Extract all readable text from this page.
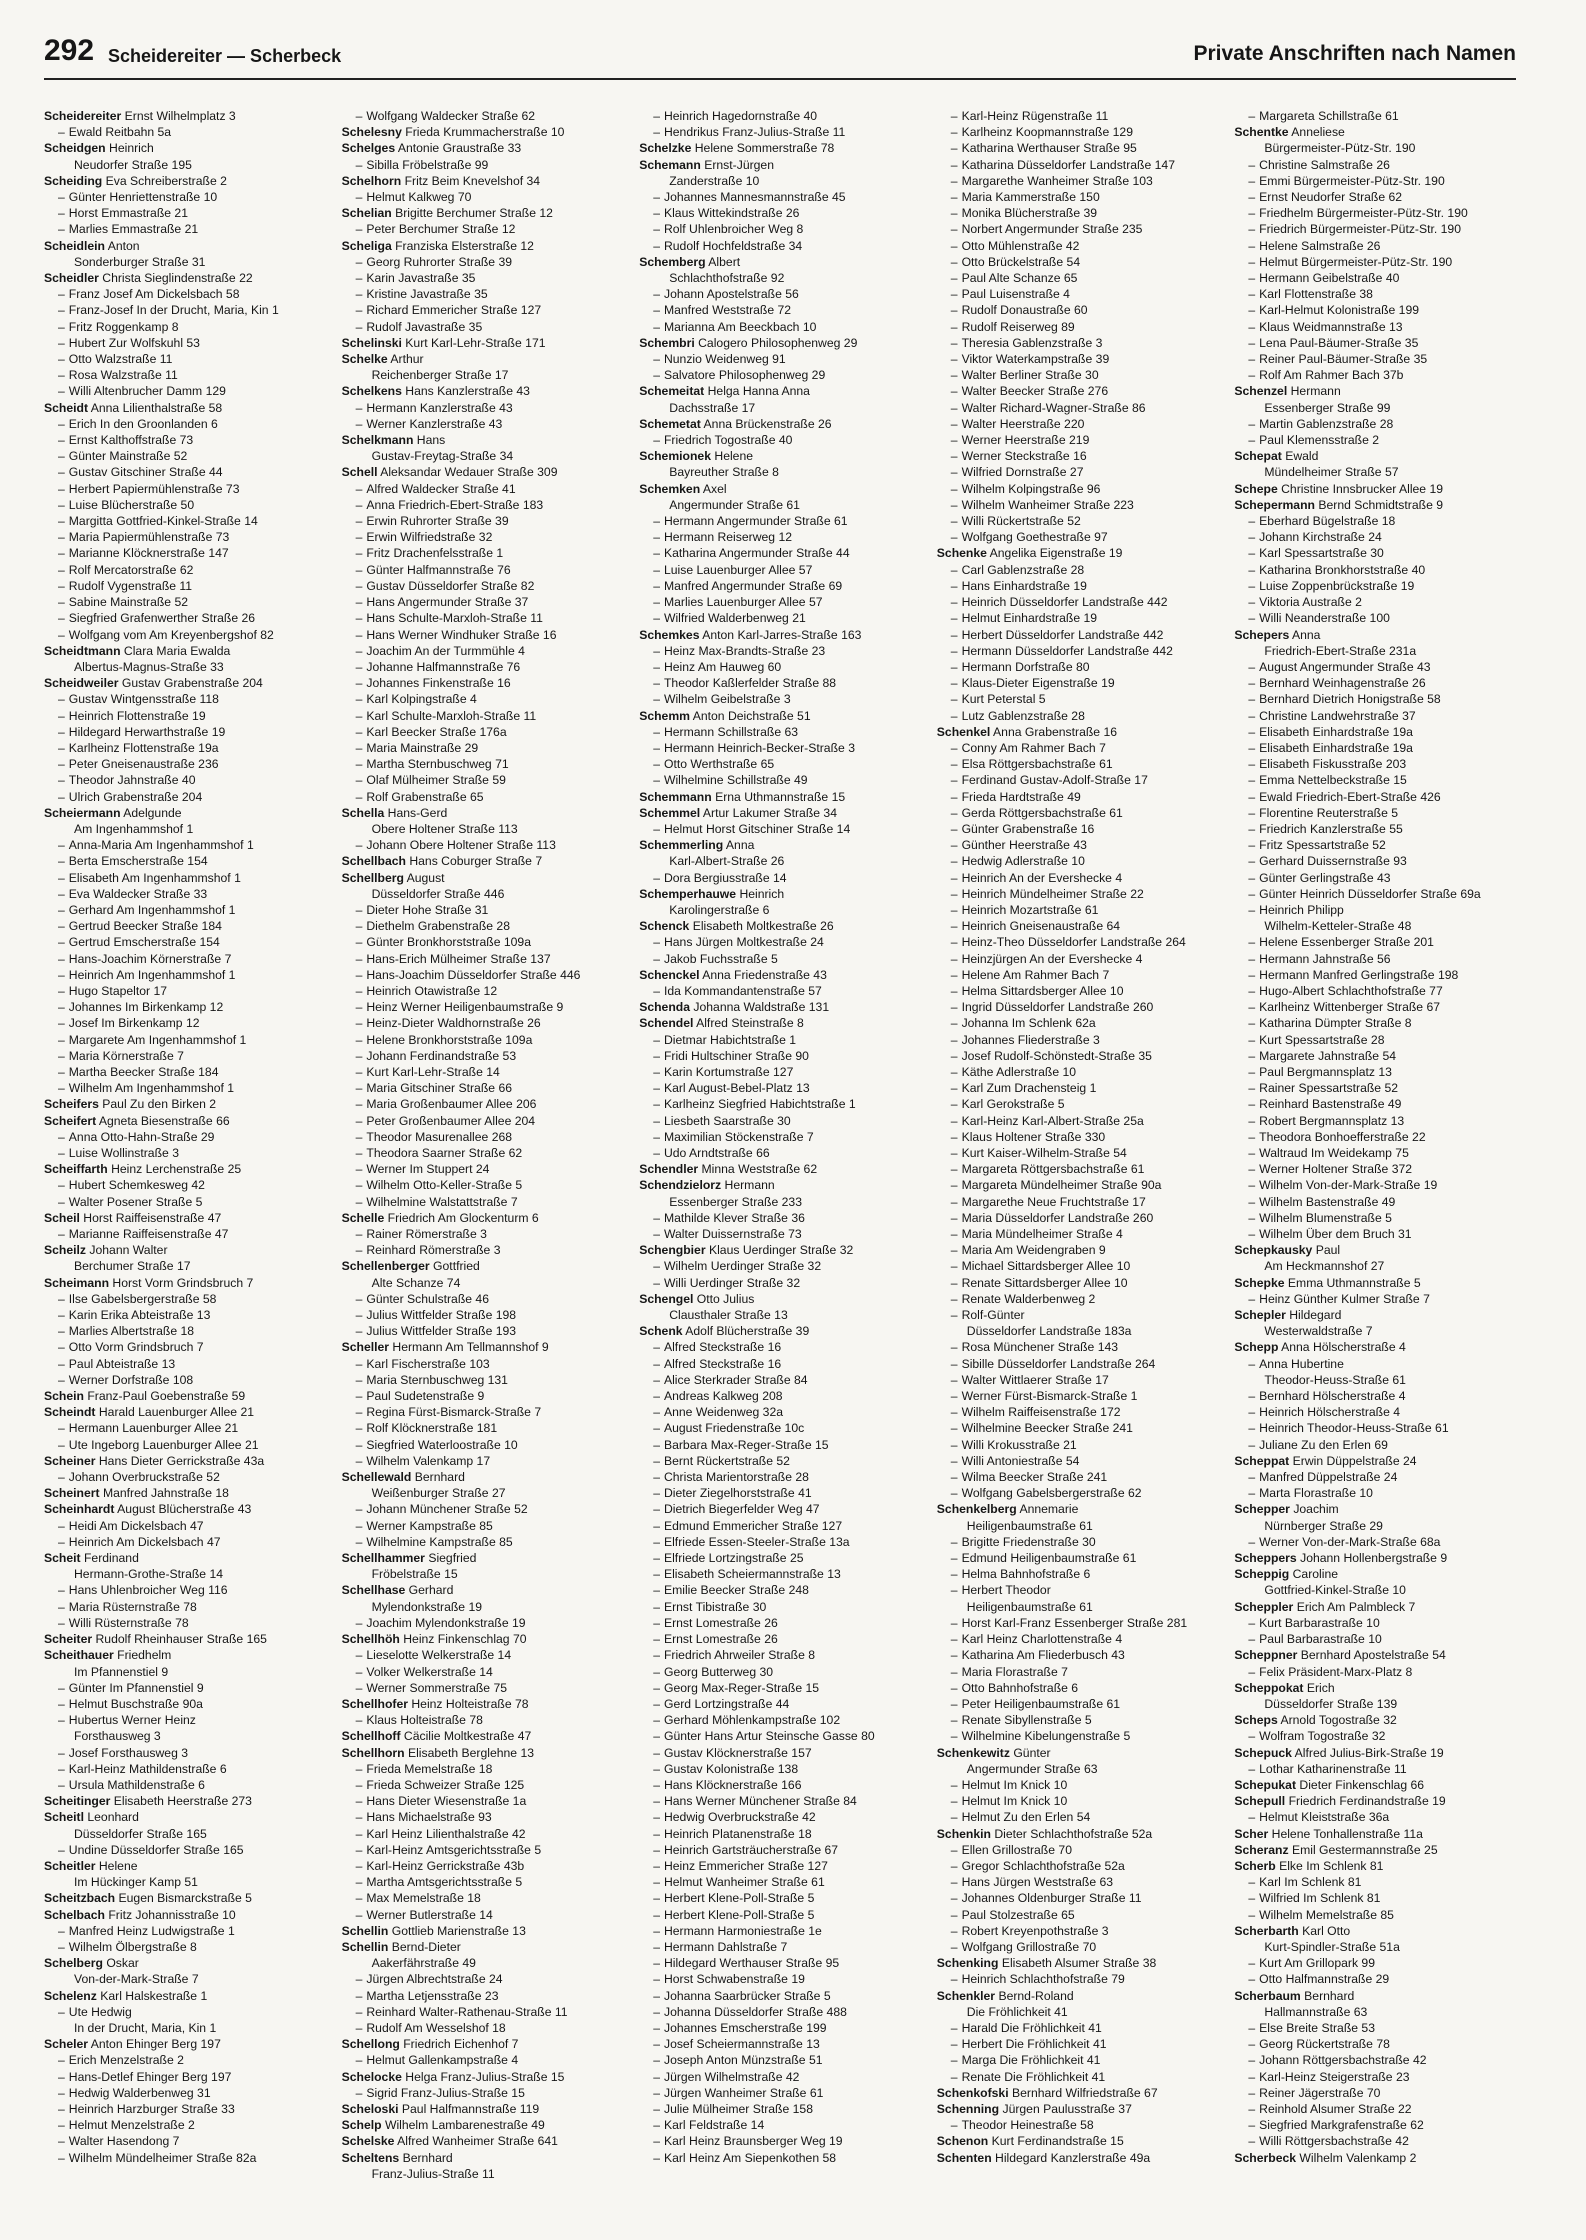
292 Scheidereiter — Scherbeck	Private Anschriften nach Namen
Scheidereiter Ernst Wilhelmplatz 3
– Ewald Reitbahn 5a
Scheidgen Heinrich
Neudorfer Straße 195
Scheiding Eva Schreiberstraße 2
– Günter Henriettenstraße 10
– Horst Emmastraße 21
– Marlies Emmastraße 21
Scheidlein Anton
Sonderburger Straße 31
Scheidler Christa Sieglindenstraße 22
– Franz Josef Am Dickelsbach 58
– Franz-Josef In der Drucht, Maria, Kin 1
– Fritz Roggenkamp 8
– Hubert Zur Wolfskuhl 53
– Otto Walzstraße 11
– Rosa Walzstraße 11
– Willi Altenbrucher Damm 129
Scheidt Anna Lilienthalstraße 58
– Erich In den Groonlanden 6
– Ernst Kalthoffstraße 73
– Günter Mainstraße 52
– Gustav Gitschiner Straße 44
– Herbert Papiermühlenstraße 73
– Luise Blücherstraße 50
– Margitta Gottfried-Kinkel-Straße 14
– Maria Papiermühlenstraße 73
– Marianne Klöcknerstraße 147
– Rolf Mercatorstraße 62
– Rudolf Vygenstraße 11
– Sabine Mainstraße 52
– Siegfried Grafenwerther Straße 26
– Wolfgang vom Am Kreyenbergshof 82
Scheidtmann Clara Maria Ewalda
Albertus-Magnus-Straße 33
Scheidweiler Gustav Grabenstraße 204
– Gustav Wintgensstraße 118
– Heinrich Flottenstraße 19
– Hildegard Herwarthstraße 19
– Karlheinz Flottenstraße 19a
– Peter Gneisenaustraße 236
– Theodor Jahnstraße 40
– Ulrich Grabenstraße 204
Scheiermann Adelgunde
Am Ingenhammshof 1
– Anna-Maria Am Ingenhammshof 1
– Berta Emscherstraße 154
– Elisabeth Am Ingenhammshof 1
– Eva Waldecker Straße 33
– Gerhard Am Ingenhammshof 1
– Gertrud Beecker Straße 184
– Gertrud Emscherstraße 154
– Hans-Joachim Körnerstraße 7
– Heinrich Am Ingenhammshof 1
– Hugo Stapeltor 17
– Johannes Im Birkenkamp 12
– Josef Im Birkenkamp 12
– Margarete Am Ingenhammshof 1
– Maria Körnerstraße 7
– Martha Beecker Straße 184
– Wilhelm Am Ingenhammshof 1
Scheifers Paul Zu den Birken 2
Scheifert Agneta Biesenstraße 66
– Anna Otto-Hahn-Straße 29
– Luise Wollinstraße 3
Scheiffarth Heinz Lerchenstraße 25
– Hubert Schemkesweg 42
– Walter Posener Straße 5
Scheil Horst Raiffeisenstraße 47
– Marianne Raiffeisenstraße 47
Scheilz Johann Walter
Berchumer Straße 17
Scheimann Horst Vorm Grindsbruch 7
– Ilse Gabelsbergerstraße 58
– Karin Erika Abteistraße 13
– Marlies Albertstraße 18
– Otto Vorm Grindsbruch 7
– Paul Abteistraße 13
– Werner Dorfstraße 108
Schein Franz-Paul Goebenstraße 59
Scheindt Harald Lauenburger Allee 21
– Hermann Lauenburger Allee 21
– Ute Ingeborg Lauenburger Allee 21
Scheiner Hans Dieter Gerrickstraße 43a
– Johann Overbruckstraße 52
Scheinert Manfred Jahnstraße 18
Scheinhardt August Blücherstraße 43
– Heidi Am Dickelsbach 47
– Heinrich Am Dickelsbach 47
Scheit Ferdinand
Hermann-Grothe-Straße 14
– Hans Uhlenbroicher Weg 116
– Maria Rüsternstraße 78
– Willi Rüsternstraße 78
Scheiter Rudolf Rheinhauser Straße 165
Scheithauer Friedhelm
Im Pfannenstiel 9
– Günter Im Pfannenstiel 9
– Helmut Buschstraße 90a
– Hubertus Werner Heinz
Forsthausweg 3
– Josef Forsthausweg 3
– Karl-Heinz Mathildenstraße 6
– Ursula Mathildenstraße 6
Scheitinger Elisabeth Heerstraße 273
Scheitl Leonhard
Düsseldorfer Straße 165
– Undine Düsseldorfer Straße 165
Scheitler Helene
Im Hückinger Kamp 51
Scheitzbach Eugen Bismarckstraße 5
Schelbach Fritz Johannisstraße 10
– Manfred Heinz Ludwigstraße 1
– Wilhelm Ölbergstraße 8
Schelberg Oskar
Von-der-Mark-Straße 7
Schelenz Karl Halskestraße 1
– Ute Hedwig
In der Drucht, Maria, Kin 1
Scheler Anton Ehinger Berg 197
– Erich Menzelstraße 2
– Hans-Detlef Ehinger Berg 197
– Hedwig Walderbenweg 31
– Heinrich Harzburger Straße 33
– Helmut Menzelstraße 2
– Walter Hasendong 7
– Wilhelm Mündelheimer Straße 82a
– Wolfgang Waldecker Straße 62
Schelesny Frieda Krummacherstraße 10
Schelges Antonie Graustraße 33
– Sibilla Fröbelstraße 99
Schelhorn Fritz Beim Knevelshof 34
– Helmut Kalkweg 70
Schelian Brigitte Berchumer Straße 12
– Peter Berchumer Straße 12
Scheliga Franziska Elsterstraße 12
– Georg Ruhrorter Straße 39
– Karin Javastraße 35
– Kristine Javastraße 35
– Richard Emmericher Straße 127
– Rudolf Javastraße 35
Schelinski Kurt Karl-Lehr-Straße 171
Schelke Arthur
Reichenberger Straße 17
Schelkens Hans Kanzlerstraße 43
– Hermann Kanzlerstraße 43
– Werner Kanzlerstraße 43
Schelkmann Hans
Gustav-Freytag-Straße 34
Schell Aleksandar Wedauer Straße 309
– Alfred Waldecker Straße 41
– Anna Friedrich-Ebert-Straße 183
– Erwin Ruhrorter Straße 39
– Erwin Wilfriedstraße 32
– Fritz Drachenfelsstraße 1
– Günter Halfmannstraße 76
– Gustav Düsseldorfer Straße 82
– Hans Angermunder Straße 37
– Hans Schulte-Marxloh-Straße 11
– Hans Werner Windhuker Straße 16
– Joachim An der Turmmühle 4
– Johanne Halfmannstraße 76
– Johannes Finkenstraße 16
– Karl Kolpingstraße 4
– Karl Schulte-Marxloh-Straße 11
– Karl Beecker Straße 176a
– Maria Mainstraße 29
– Martha Sternbuschweg 71
– Olaf Mülheimer Straße 59
– Rolf Grabenstraße 65
Schella Hans-Gerd
Obere Holtener Straße 113
– Johann Obere Holtener Straße 113
Schellbach Hans Coburger Straße 7
Schellberg August
Düsseldorfer Straße 446
– Dieter Hohe Straße 31
– Diethelm Grabenstraße 28
– Günter Bronkhorststraße 109a
– Hans-Erich Mülheimer Straße 137
– Hans-Joachim Düsseldorfer Straße 446
– Heinrich Otawistraße 12
– Heinz Werner Heiligenbaumstraße 9
– Heinz-Dieter Waldhornstraße 26
– Helene Bronkhorststraße 109a
– Johann Ferdinandstraße 53
– Kurt Karl-Lehr-Straße 14
– Maria Gitschiner Straße 66
– Maria Großenbaumer Allee 206
– Peter Großenbaumer Allee 204
– Theodor Masurenallee 268
– Theodora Saarner Straße 62
– Werner Im Stuppert 24
– Wilhelm Otto-Keller-Straße 5
– Wilhelmine Walstattstraße 7
Schelle Friedrich Am Glockenturm 6
– Rainer Römerstraße 3
– Reinhard Römerstraße 3
Schellenberger Gottfried
Alte Schanze 74
– Günter Schulstraße 46
– Julius Wittfelder Straße 198
– Julius Wittfelder Straße 193
Scheller Hermann Am Tellmannshof 9
– Karl Fischerstraße 103
– Maria Sternbuschweg 131
– Paul Sudetenstraße 9
– Regina Fürst-Bismarck-Straße 7
– Rolf Klöcknerstraße 181
– Siegfried Waterloostraße 10
– Wilhelm Valenkamp 17
Schellewald Bernhard
Weißenburger Straße 27
– Johann Münchener Straße 52
– Werner Kampstraße 85
– Wilhelmine Kampstraße 85
Schellhammer Siegfried
Fröbelstraße 15
Schellhase Gerhard
Mylendonkstraße 19
– Joachim Mylendonkstraße 19
Schellhöh Heinz Finkenschlag 70
– Lieselotte Welkerstraße 14
– Volker Welkerstraße 14
– Werner Sommerstraße 75
Schellhofer Heinz Holteistraße 78
– Klaus Holteistraße 78
Schellhoff Cäcilie Moltkestraße 47
Schellhorn Elisabeth Berglehne 13
– Frieda Memelstraße 18
– Frieda Schweizer Straße 125
– Hans Dieter Wiesenstraße 1a
– Hans Michaelstraße 93
– Karl Heinz Lilienthalstraße 42
– Karl-Heinz Amtsgerichtsstraße 5
– Karl-Heinz Gerrickstraße 43b
– Martha Amtsgerichtsstraße 5
– Max Memelstraße 18
– Werner Butlerstraße 14
Schellin Gottlieb Marienstraße 13
Schellin Bernd-Dieter
Aakerfährstraße 49
– Jürgen Albrechtstraße 24
– Martha Letjensstraße 23
– Reinhard Walter-Rathenau-Straße 11
– Rudolf Am Wesselshof 18
Schellong Friedrich Eichenhof 7
– Helmut Gallenkampstraße 4
Schelocke Helga Franz-Julius-Straße 15
– Sigrid Franz-Julius-Straße 15
Scheloski Paul Halfmannstraße 119
Schelp Wilhelm Lambarenestraße 49
Schelske Alfred Wanheimer Straße 641
Scheltens Bernhard
Franz-Julius-Straße 11
– Heinrich Hagedornstraße 40
– Hendrikus Franz-Julius-Straße 11
Schelzke Helene Sommerstraße 78
Schemann Ernst-Jürgen
Zanderstraße 10
– Johannes Mannesmannstraße 45
– Klaus Wittekindstraße 26
– Rolf Uhlenbroicher Weg 8
– Rudolf Hochfeldstraße 34
Schemberg Albert
Schlachthofstraße 92
– Johann Apostelstraße 56
– Manfred Weststraße 72
– Marianna Am Beeckbach 10
Schembri Calogero Philosophenweg 29
– Nunzio Weidenweg 91
– Salvatore Philosophenweg 29
Schemeitat Helga Hanna Anna
Dachsstraße 17
Schemetat Anna Brückenstraße 26
– Friedrich Togostraße 40
Schemionek Helene
Bayreuther Straße 8
Schemken Axel
Angermunder Straße 61
– Hermann Angermunder Straße 61
– Hermann Reiserweg 12
– Katharina Angermunder Straße 44
– Luise Lauenburger Allee 57
– Manfred Angermunder Straße 69
– Marlies Lauenburger Allee 57
– Wilfried Walderbenweg 21
Schemkes Anton Karl-Jarres-Straße 163
– Heinz Max-Brandts-Straße 23
– Heinz Am Hauweg 60
– Theodor Kaßlerfelder Straße 88
– Wilhelm Geibelstraße 3
Schemm Anton Deichstraße 51
– Hermann Schillstraße 63
– Hermann Heinrich-Becker-Straße 3
– Otto Werthstraße 65
– Wilhelmine Schillstraße 49
Schemmann Erna Uthmannstraße 15
Schemmel Artur Lakumer Straße 34
– Helmut Horst Gitschiner Straße 14
Schemmerling Anna
Karl-Albert-Straße 26
– Dora Bergiusstraße 14
Schemperhauwe Heinrich
Karolingerstraße 6
Schenck Elisabeth Moltkestraße 26
– Hans Jürgen Moltkestraße 24
– Jakob Fuchsstraße 5
Schenckel Anna Friedenstraße 43
– Ida Kommandantenstraße 57
Schenda Johanna Waldstraße 131
Schendel Alfred Steinstraße 8
– Dietmar Habichtstraße 1
– Fridi Hultschiner Straße 90
– Karin Kortumstraße 127
– Karl August-Bebel-Platz 13
– Karlheinz Siegfried Habichtstraße 1
– Liesbeth Saarstraße 30
– Maximilian Stöckenstraße 7
– Udo Arndtstraße 66
Schendler Minna Weststraße 62
Schendzielorz Hermann
Essenberger Straße 233
– Mathilde Klever Straße 36
– Walter Duissernstraße 73
Schengbier Klaus Uerdinger Straße 32
– Wilhelm Uerdinger Straße 32
– Willi Uerdinger Straße 32
Schengel Otto Julius
Clausthaler Straße 13
Schenk Adolf Blücherstraße 39
– Alfred Steckstraße 16
– Alfred Steckstraße 16
– Alice Sterkrader Straße 84
– Andreas Kalkweg 208
– Anne Weidenweg 32a
– August Friedenstraße 10c
– Barbara Max-Reger-Straße 15
– Bernt Rückertstraße 52
– Christa Marientorstraße 28
– Dieter Ziegelhorststraße 41
– Dietrich Biegerfelder Weg 47
– Edmund Emmericher Straße 127
– Elfriede Essen-Steeler-Straße 13a
– Elfriede Lortzingstraße 25
– Elisabeth Scheiermannstraße 13
– Emilie Beecker Straße 248
– Ernst Tibistraße 30
– Ernst Lomestraße 26
– Ernst Lomestraße 26
– Friedrich Ahrweiler Straße 8
– Georg Butterweg 30
– Georg Max-Reger-Straße 15
– Gerd Lortzingstraße 44
– Gerhard Möhlenkampstraße 102
– Günter Hans Artur Steinsche Gasse 80
– Gustav Klöcknerstraße 157
– Gustav Kolonistraße 138
– Hans Klöcknerstraße 166
– Hans Werner Münchener Straße 84
– Hedwig Overbruckstraße 42
– Heinrich Platanenstraße 18
– Heinrich Gartsträucherstraße 67
– Heinz Emmericher Straße 127
– Helmut Wanheimer Straße 61
– Herbert Klene-Poll-Straße 5
– Herbert Klene-Poll-Straße 5
– Hermann Harmoniestraße 1e
– Hermann Dahlstraße 7
– Hildegard Werthauser Straße 95
– Horst Schwabenstraße 19
– Johanna Saarbrücker Straße 5
– Johanna Düsseldorfer Straße 488
– Johannes Emscherstraße 199
– Josef Scheiermannstraße 13
– Joseph Anton Münzstraße 51
– Jürgen Wilhelmstraße 42
– Jürgen Wanheimer Straße 61
– Julie Mülheimer Straße 158
– Karl Feldstraße 14
– Karl Heinz Braunsberger Weg 19
– Karl Heinz Am Siepenkothen 58
– Karl-Heinz Rügenstraße 11
– Karlheinz Koopmannstraße 129
– Katharina Werthauser Straße 95
– Katharina Düsseldorfer Landstraße 147
– Margarethe Wanheimer Straße 103
– Maria Kammerstraße 150
– Monika Blücherstraße 39
– Norbert Angermunder Straße 235
– Otto Mühlenstraße 42
– Otto Brückelstraße 54
– Paul Alte Schanze 65
– Paul Luisenstraße 4
– Rudolf Donaustraße 60
– Rudolf Reiserweg 89
– Theresia Gablenzstraße 3
– Viktor Waterkampstraße 39
– Walter Berliner Straße 30
– Walter Beecker Straße 276
– Walter Richard-Wagner-Straße 86
– Walter Heerstraße 220
– Werner Heerstraße 219
– Werner Steckstraße 16
– Wilfried Dornstraße 27
– Wilhelm Kolpingstraße 96
– Wilhelm Wanheimer Straße 223
– Willi Rückertstraße 52
– Wolfgang Goethestraße 97
Schenke Angelika Eigenstraße 19
– Carl Gablenzstraße 28
– Hans Einhardstraße 19
– Heinrich Düsseldorfer Landstraße 442
– Helmut Einhardstraße 19
– Herbert Düsseldorfer Landstraße 442
– Hermann Düsseldorfer Landstraße 442
– Hermann Dorfstraße 80
– Klaus-Dieter Eigenstraße 19
– Kurt Peterstal 5
– Lutz Gablenzstraße 28
Schenkel Anna Grabenstraße 16
– Conny Am Rahmer Bach 7
– Elsa Röttgersbachstraße 61
– Ferdinand Gustav-Adolf-Straße 17
– Frieda Hardtstraße 49
– Gerda Röttgersbachstraße 61
– Günter Grabenstraße 16
– Günther Heerstraße 43
– Hedwig Adlerstraße 10
– Heinrich An der Evershecke 4
– Heinrich Mündelheimer Straße 22
– Heinrich Mozartstraße 61
– Heinrich Gneisenaustraße 64
– Heinz-Theo Düsseldorfer Landstraße 264
– Heinzjürgen An der Evershecke 4
– Helene Am Rahmer Bach 7
– Helma Sittardsberger Allee 10
– Ingrid Düsseldorfer Landstraße 260
– Johanna Im Schlenk 62a
– Johannes Fliederstraße 3
– Josef Rudolf-Schönstedt-Straße 35
– Käthe Adlerstraße 10
– Karl Zum Drachensteig 1
– Karl Gerokstraße 5
– Karl-Heinz Karl-Albert-Straße 25a
– Klaus Holtener Straße 330
– Kurt Kaiser-Wilhelm-Straße 54
– Margareta Röttgersbachstraße 61
– Margareta Mündelheimer Straße 90a
– Margarethe Neue Fruchtstraße 17
– Maria Düsseldorfer Landstraße 260
– Maria Mündelheimer Straße 4
– Maria Am Weidengraben 9
– Michael Sittardsberger Allee 10
– Renate Sittardsberger Allee 10
– Renate Walderbenweg 2
– Rolf-Günter
Düsseldorfer Landstraße 183a
– Rosa Münchener Straße 143
– Sibille Düsseldorfer Landstraße 264
– Walter Wittlaerer Straße 17
– Werner Fürst-Bismarck-Straße 1
– Wilhelm Raiffeisenstraße 172
– Wilhelmine Beecker Straße 241
– Willi Krokusstraße 21
– Willi Antoniestraße 54
– Wilma Beecker Straße 241
– Wolfgang Gabelsbergerstraße 62
Schenkelberg Annemarie
Heiligenbaumstraße 61
– Brigitte Friedenstraße 30
– Edmund Heiligenbaumstraße 61
– Helma Bahnhofstraße 6
– Herbert Theodor
Heiligenbaumstraße 61
– Horst Karl-Franz Essenberger Straße 281
– Karl Heinz Charlottenstraße 4
– Katharina Am Fliederbusch 43
– Maria Florastraße 7
– Otto Bahnhofstraße 6
– Peter Heiligenbaumstraße 61
– Renate Sibyllenstraße 5
– Wilhelmine Kibelungenstraße 5
Schenkewitz Günter
Angermunder Straße 63
– Helmut Im Knick 10
– Helmut Im Knick 10
– Helmut Zu den Erlen 54
Schenkin Dieter Schlachthofstraße 52a
– Ellen Grillostraße 70
– Gregor Schlachthofstraße 52a
– Hans Jürgen Weststraße 63
– Johannes Oldenburger Straße 11
– Paul Stolzestraße 65
– Robert Kreyenpothstraße 3
– Wolfgang Grillostraße 70
Schenking Elisabeth Alsumer Straße 38
– Heinrich Schlachthofstraße 79
Schenkler Bernd-Roland
Die Fröhlichkeit 41
– Harald Die Fröhlichkeit 41
– Herbert Die Fröhlichkeit 41
– Marga Die Fröhlichkeit 41
– Renate Die Fröhlichkeit 41
Schenkofski Bernhard Wilfriedstraße 67
Schenning Jürgen Paulusstraße 37
– Theodor Heinestraße 58
Schenon Kurt Ferdinandstraße 15
Schenten Hildegard Kanzlerstraße 49a
– Margareta Schillstraße 61
Schentke Anneliese
Bürgermeister-Pütz-Str. 190
– Christine Salmstraße 26
– Emmi Bürgermeister-Pütz-Str. 190
– Ernst Neudorfer Straße 62
– Friedhelm Bürgermeister-Pütz-Str. 190
– Friedrich Bürgermeister-Pütz-Str. 190
– Helene Salmstraße 26
– Helmut Bürgermeister-Pütz-Str. 190
– Hermann Geibelstraße 40
– Karl Flottenstraße 38
– Karl-Helmut Kolonistraße 199
– Klaus Weidmannstraße 13
– Lena Paul-Bäumer-Straße 35
– Reiner Paul-Bäumer-Straße 35
– Rolf Am Rahmer Bach 37b
Schenzel Hermann
Essenberger Straße 99
– Martin Gablenzstraße 28
– Paul Klemensstraße 2
Schepat Ewald
Mündelheimer Straße 57
Schepe Christine Innsbrucker Allee 19
Schepermann Bernd Schmidtstraße 9
– Eberhard Bügelstraße 18
– Johann Kirchstraße 24
– Karl Spessartstraße 30
– Katharina Bronkhorststraße 40
– Luise Zoppenbrückstraße 19
– Viktoria Austraße 2
– Willi Neanderstraße 100
Schepers Anna
Friedrich-Ebert-Straße 231a
– August Angermunder Straße 43
– Bernhard Weinhagenstraße 26
– Bernhard Dietrich Honigstraße 58
– Christine Landwehrstraße 37
– Elisabeth Einhardstraße 19a
– Elisabeth Einhardstraße 19a
– Elisabeth Fiskusstraße 203
– Emma Nettelbeckstraße 15
– Ewald Friedrich-Ebert-Straße 426
– Florentine Reuterstraße 5
– Friedrich Kanzlerstraße 55
– Fritz Spessartstraße 52
– Gerhard Duissernstraße 93
– Günter Gerlingstraße 43
– Günter Heinrich Düsseldorfer Straße 69a
– Heinrich Philipp
Wilhelm-Ketteler-Straße 48
– Helene Essenberger Straße 201
– Hermann Jahnstraße 56
– Hermann Manfred Gerlingstraße 198
– Hugo-Albert Schlachthofstraße 77
– Karlheinz Wittenberger Straße 67
– Katharina Dümpter Straße 8
– Kurt Spessartstraße 28
– Margarete Jahnstraße 54
– Paul Bergmannsplatz 13
– Rainer Spessartstraße 52
– Reinhard Bastenstraße 49
– Robert Bergmannsplatz 13
– Theodora Bonhoefferstraße 22
– Waltraud Im Weidekamp 75
– Werner Holtener Straße 372
– Wilhelm Von-der-Mark-Straße 19
– Wilhelm Bastenstraße 49
– Wilhelm Blumenstraße 5
– Wilhelm Über dem Bruch 31
Schepkausky Paul
Am Heckmannshof 27
Schepke Emma Uthmannstraße 5
– Heinz Günther Kulmer Straße 7
Schepler Hildegard
Westerwaldstraße 7
Schepp Anna Hölscherstraße 4
– Anna Hubertine
Theodor-Heuss-Straße 61
– Bernhard Hölscherstraße 4
– Heinrich Hölscherstraße 4
– Heinrich Theodor-Heuss-Straße 61
– Juliane Zu den Erlen 69
Scheppat Erwin Düppelstraße 24
– Manfred Düppelstraße 24
– Marta Florastraße 10
Schepper Joachim
Nürnberger Straße 29
– Werner Von-der-Mark-Straße 68a
Scheppers Johann Hollenbergstraße 9
Scheppig Caroline
Gottfried-Kinkel-Straße 10
Scheppler Erich Am Palmbleck 7
– Kurt Barbarastraße 10
– Paul Barbarastraße 10
Scheppner Bernhard Apostelstraße 54
– Felix Präsident-Marx-Platz 8
Scheppokat Erich
Düsseldorfer Straße 139
Scheps Arnold Togostraße 32
– Wolfram Togostraße 32
Schepuck Alfred Julius-Birk-Straße 19
– Lothar Katharinenstraße 11
Schepukat Dieter Finkenschlag 66
Schepull Friedrich Ferdinandstraße 19
– Helmut Kleiststraße 36a
Scher Helene Tonhallenstraße 11a
Scheranz Emil Gestermannstraße 25
Scherb Elke Im Schlenk 81
– Karl Im Schlenk 81
– Wilfried Im Schlenk 81
– Wilhelm Memelstraße 85
Scherbarth Karl Otto
Kurt-Spindler-Straße 51a
– Kurt Am Grillopark 99
– Otto Halfmannstraße 29
Scherbaum Bernhard
Hallmannstraße 63
– Else Breite Straße 53
– Georg Rückertstraße 78
– Johann Röttgersbachstraße 42
– Karl-Heinz Steigerstraße 23
– Reiner Jägerstraße 70
– Reinhold Alsumer Straße 22
– Siegfried Markgrafenstraße 62
– Willi Röttgersbachstraße 42
Scherbeck Wilhelm Valenkamp 2
